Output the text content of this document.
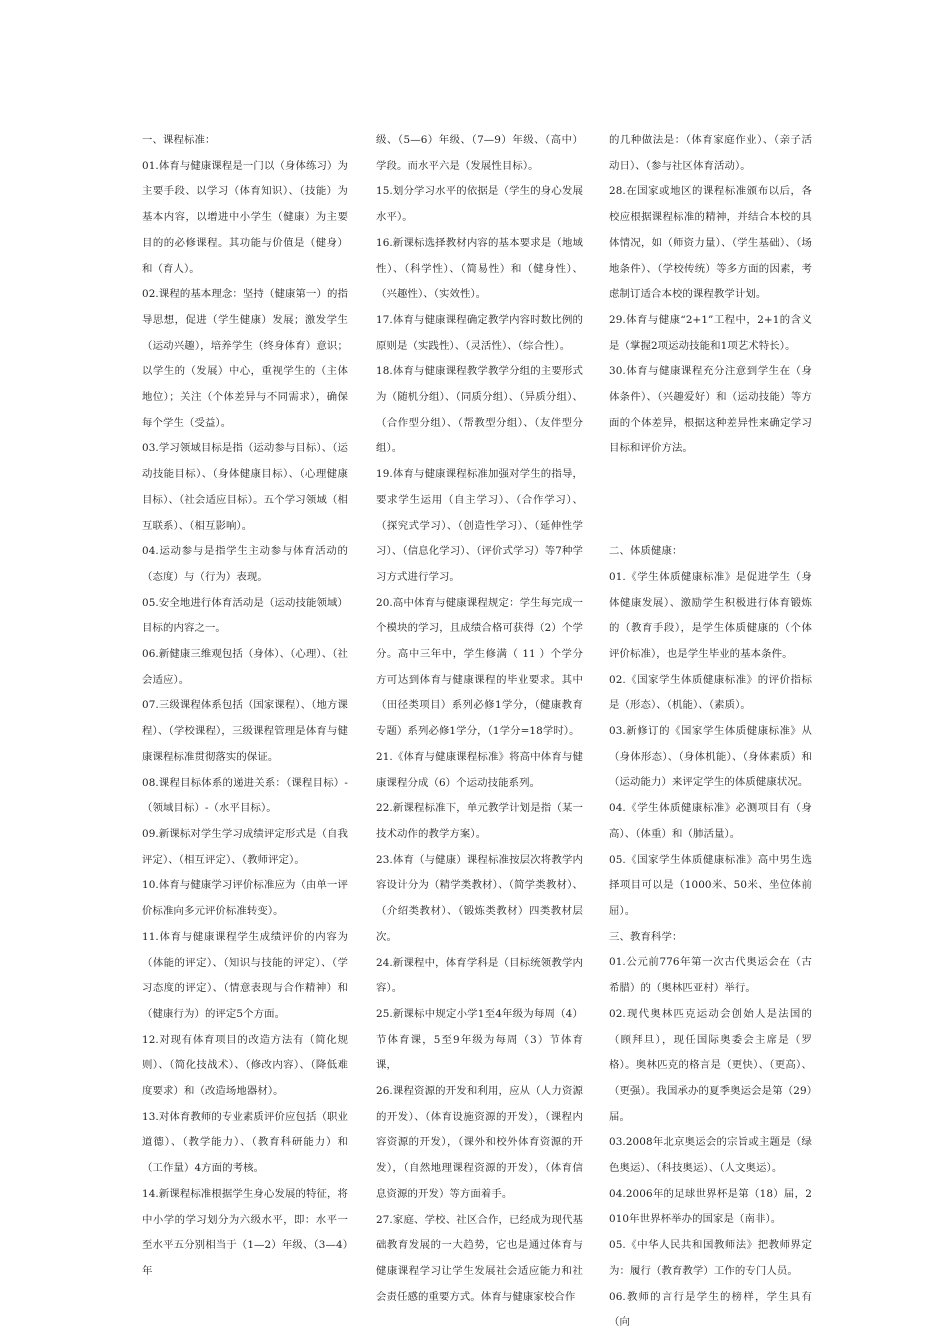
一、课程标准：

01.体育与健康课程是一门以（身体练习）为主要手段、以学习（体育知识）、（技能）为基本内容，以增进中小学生（健康）为主要目的的必修课程。其功能与价值是（健身）和（育人）。

02.课程的基本理念：坚持（健康第一）的指导思想，促进（学生健康）发展；激发学生（运动兴趣），培养学生（终身体育）意识；以学生的（发展）中心，重视学生的（主体地位）；关注（个体差异与不同需求），确保每个学生（受益）。

03.学习领域目标是指（运动参与目标）、（运动技能目标）、（身体健康目标）、（心理健康目标）、（社会适应目标）。五个学习领域（相互联系）、（相互影响）。

04.运动参与是指学生主动参与体育活动的（态度）与（行为）表现。

05.安全地进行体育活动是（运动技能领域）目标的内容之一。

06.新健康三维观包括（身体）、（心理）、（社会适应）。

07.三级课程体系包括（国家课程）、（地方课程）、（学校课程），三级课程管理是体育与健康课程标准贯彻落实的保证。

08.课程目标体系的递进关系：（课程目标）-（领域目标）-（水平目标）。

09.新课标对学生学习成绩评定形式是（自我评定）、（相互评定）、（教师评定）。

10.体育与健康学习评价标准应为（由单一评价标准向多元评价标准转变）。

11.体育与健康课程学生成绩评价的内容为（体能的评定）、（知识与技能的评定）、（学习态度的评定）、（情意表现与合作精神）和（健康行为）的评定5个方面。

12.对现有体育项目的改造方法有（简化规则）、（简化技战术）、（修改内容）、（降低难度要求）和（改造场地器材）。

13.对体育教师的专业素质评价应包括（职业道德）、（教学能力）、（教育科研能力）和（工作量）4方面的考核。

14.新课程标准根据学生身心发展的特征，将中小学的学习划分为六级水平，即：水平一至水平五分别相当于（1—2）年级、（3—4）年

级、（5—6）年级、（7—9）年级、（高中）学段。而水平六是（发展性目标）。

15.划分学习水平的依据是（学生的身心发展水平）。

16.新课标选择教材内容的基本要求是（地域性）、（科学性）、（简易性）和（健身性）、（兴趣性）、（实效性）。

17.体育与健康课程确定教学内容时数比例的原则是（实践性）、（灵活性）、（综合性）。

18.体育与健康课程教学教学分组的主要形式为（随机分组）、（同质分组）、（异质分组）、（合作型分组）、（帮教型分组）、（友伴型分组）。

19.体育与健康课程标准加强对学生的指导，要求学生运用（自主学习）、（合作学习）、（探究式学习）、（创造性学习）、（延伸性学习）、（信息化学习）、（评价式学习）等7种学习方式进行学习。

20.高中体育与健康课程规定：学生每完成一个模块的学习，且成绩合格可获得（2）个学分。高中三年中，学生修满（ 11 ）个学分方可达到体育与健康课程的毕业要求。其中（田径类项目）系列必修1学分，（健康教育专题）系列必修1学分，（1学分=18学时）。

21.《体育与健康课程标准》将高中体育与健康课程分成（6）个运动技能系列。

22.新课程标准下，单元教学计划是指（某一技术动作的教学方案）。

23.体育（与健康）课程标准按层次将教学内容设计分为（精学类教材）、（简学类教材）、（介绍类教材）、（锻炼类教材）四类教材层次。

24.新课程中，体育学科是（目标统领教学内容）。

25.新课标中规定小学1至4年级为每周（4）节体育课，5至9年级为每周（3）节体育课，

26.课程资源的开发和利用，应从（人力资源的开发）、（体育设施资源的开发），（课程内容资源的开发），（课外和校外体育资源的开发），（自然地理课程资源的开发），（体育信息资源的开发）等方面着手。

27.家庭、学校、社区合作，已经成为现代基础教育发展的一大趋势，它也是通过体育与健康课程学习让学生发展社会适应能力和社会责任感的重要方式。体育与健康家校合作

的几种做法是：（体育家庭作业）、（亲子活动日）、（参与社区体育活动）。

28.在国家或地区的课程标准颁布以后，各校应根据课程标准的精神，并结合本校的具体情况，如（师资力量）、（学生基础）、（场地条件）、（学校传统）等多方面的因素，考虑制订适合本校的课程教学计划。

29.体育与健康“2+1”工程中，2+1的含义是（掌握2项运动技能和1项艺术特长）。

30.体育与健康课程充分注意到学生在（身体条件）、（兴趣爱好）和（运动技能）等方面的个体差异，根据这种差异性来确定学习目标和评价方法。

二、体质健康：

01.《学生体质健康标准》是促进学生（身体健康发展）、激励学生积极进行体育锻炼的（教育手段），是学生体质健康的（个体评价标准），也是学生毕业的基本条件。

02.《国家学生体质健康标准》的评价指标是（形态）、（机能）、（素质）。

03.新修订的《国家学生体质健康标准》从（身体形态）、（身体机能）、（身体素质）和（运动能力）来评定学生的体质健康状况。

04.《学生体质健康标准》必测项目有（身高）、（体重）和（肺活量）。

05.《国家学生体质健康标准》高中男生选择项目可以是（1000米、50米、坐位体前屈）。

三、教育科学：

01.公元前776年第一次古代奥运会在（古希腊）的（奥林匹亚村）举行。

02.现代奥林匹克运动会创始人是法国的（顾拜旦），现任国际奥委会主席是（罗格）。奥林匹克的格言是（更快）、（更高）、（更强）。我国承办的夏季奥运会是第（29）届。

03.2008年北京奥运会的宗旨或主题是（绿色奥运）、（科技奥运）、（人文奥运）。

04.2006年的足球世界杯是第（18）届，2010年世界杯举办的国家是（南非）。

05.《中华人民共和国教师法》把教师界定为：履行（教育教学）工作的专门人员。

06.教师的言行是学生的榜样，学生具有（向
